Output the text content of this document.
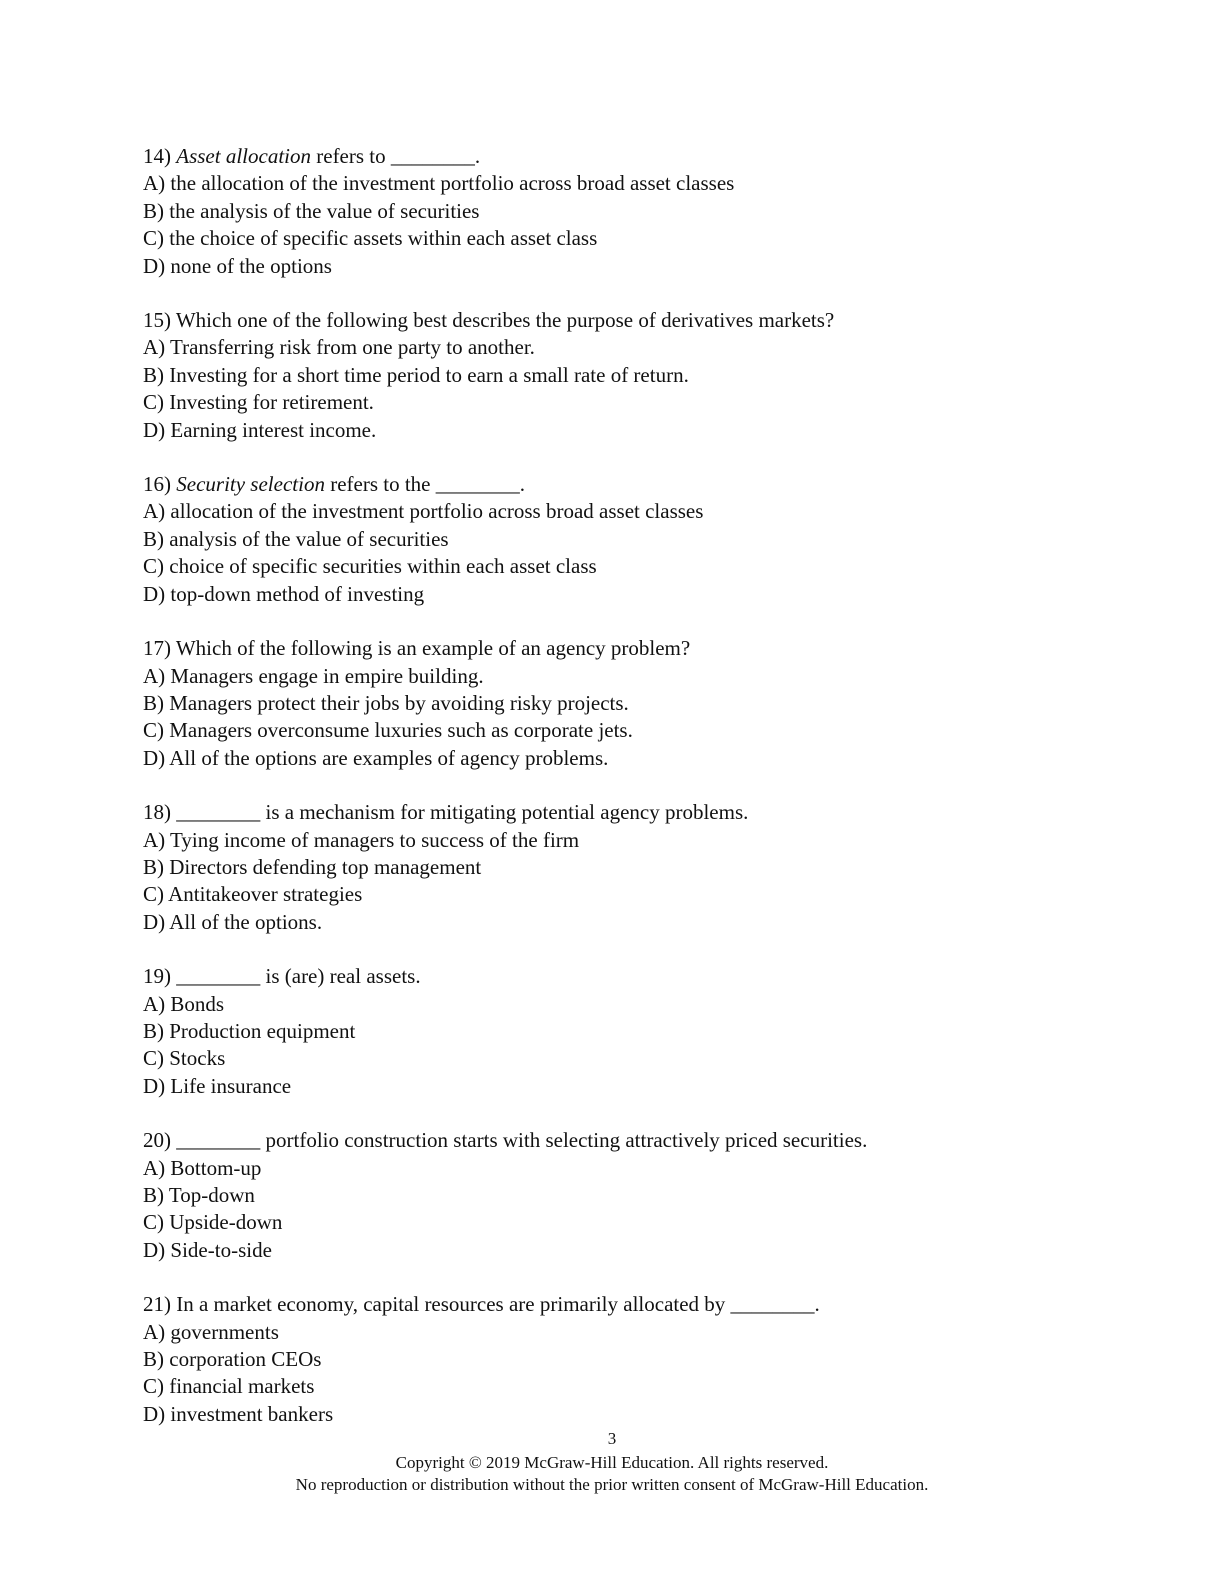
14) Asset allocation refers to ________.
A) the allocation of the investment portfolio across broad asset classes
B) the analysis of the value of securities
C) the choice of specific assets within each asset class
D) none of the options
15) Which one of the following best describes the purpose of derivatives markets?
A) Transferring risk from one party to another.
B) Investing for a short time period to earn a small rate of return.
C) Investing for retirement.
D) Earning interest income.
16) Security selection refers to the ________.
A) allocation of the investment portfolio across broad asset classes
B) analysis of the value of securities
C) choice of specific securities within each asset class
D) top-down method of investing
17) Which of the following is an example of an agency problem?
A) Managers engage in empire building.
B) Managers protect their jobs by avoiding risky projects.
C) Managers overconsume luxuries such as corporate jets.
D) All of the options are examples of agency problems.
18) ________ is a mechanism for mitigating potential agency problems.
A) Tying income of managers to success of the firm
B) Directors defending top management
C) Antitakeover strategies
D) All of the options.
19) ________ is (are) real assets.
A) Bonds
B) Production equipment
C) Stocks
D) Life insurance
20) ________ portfolio construction starts with selecting attractively priced securities.
A) Bottom-up
B) Top-down
C) Upside-down
D) Side-to-side
21) In a market economy, capital resources are primarily allocated by ________.
A) governments
B) corporation CEOs
C) financial markets
D) investment bankers
3
Copyright © 2019 McGraw-Hill Education. All rights reserved.
No reproduction or distribution without the prior written consent of McGraw-Hill Education.
